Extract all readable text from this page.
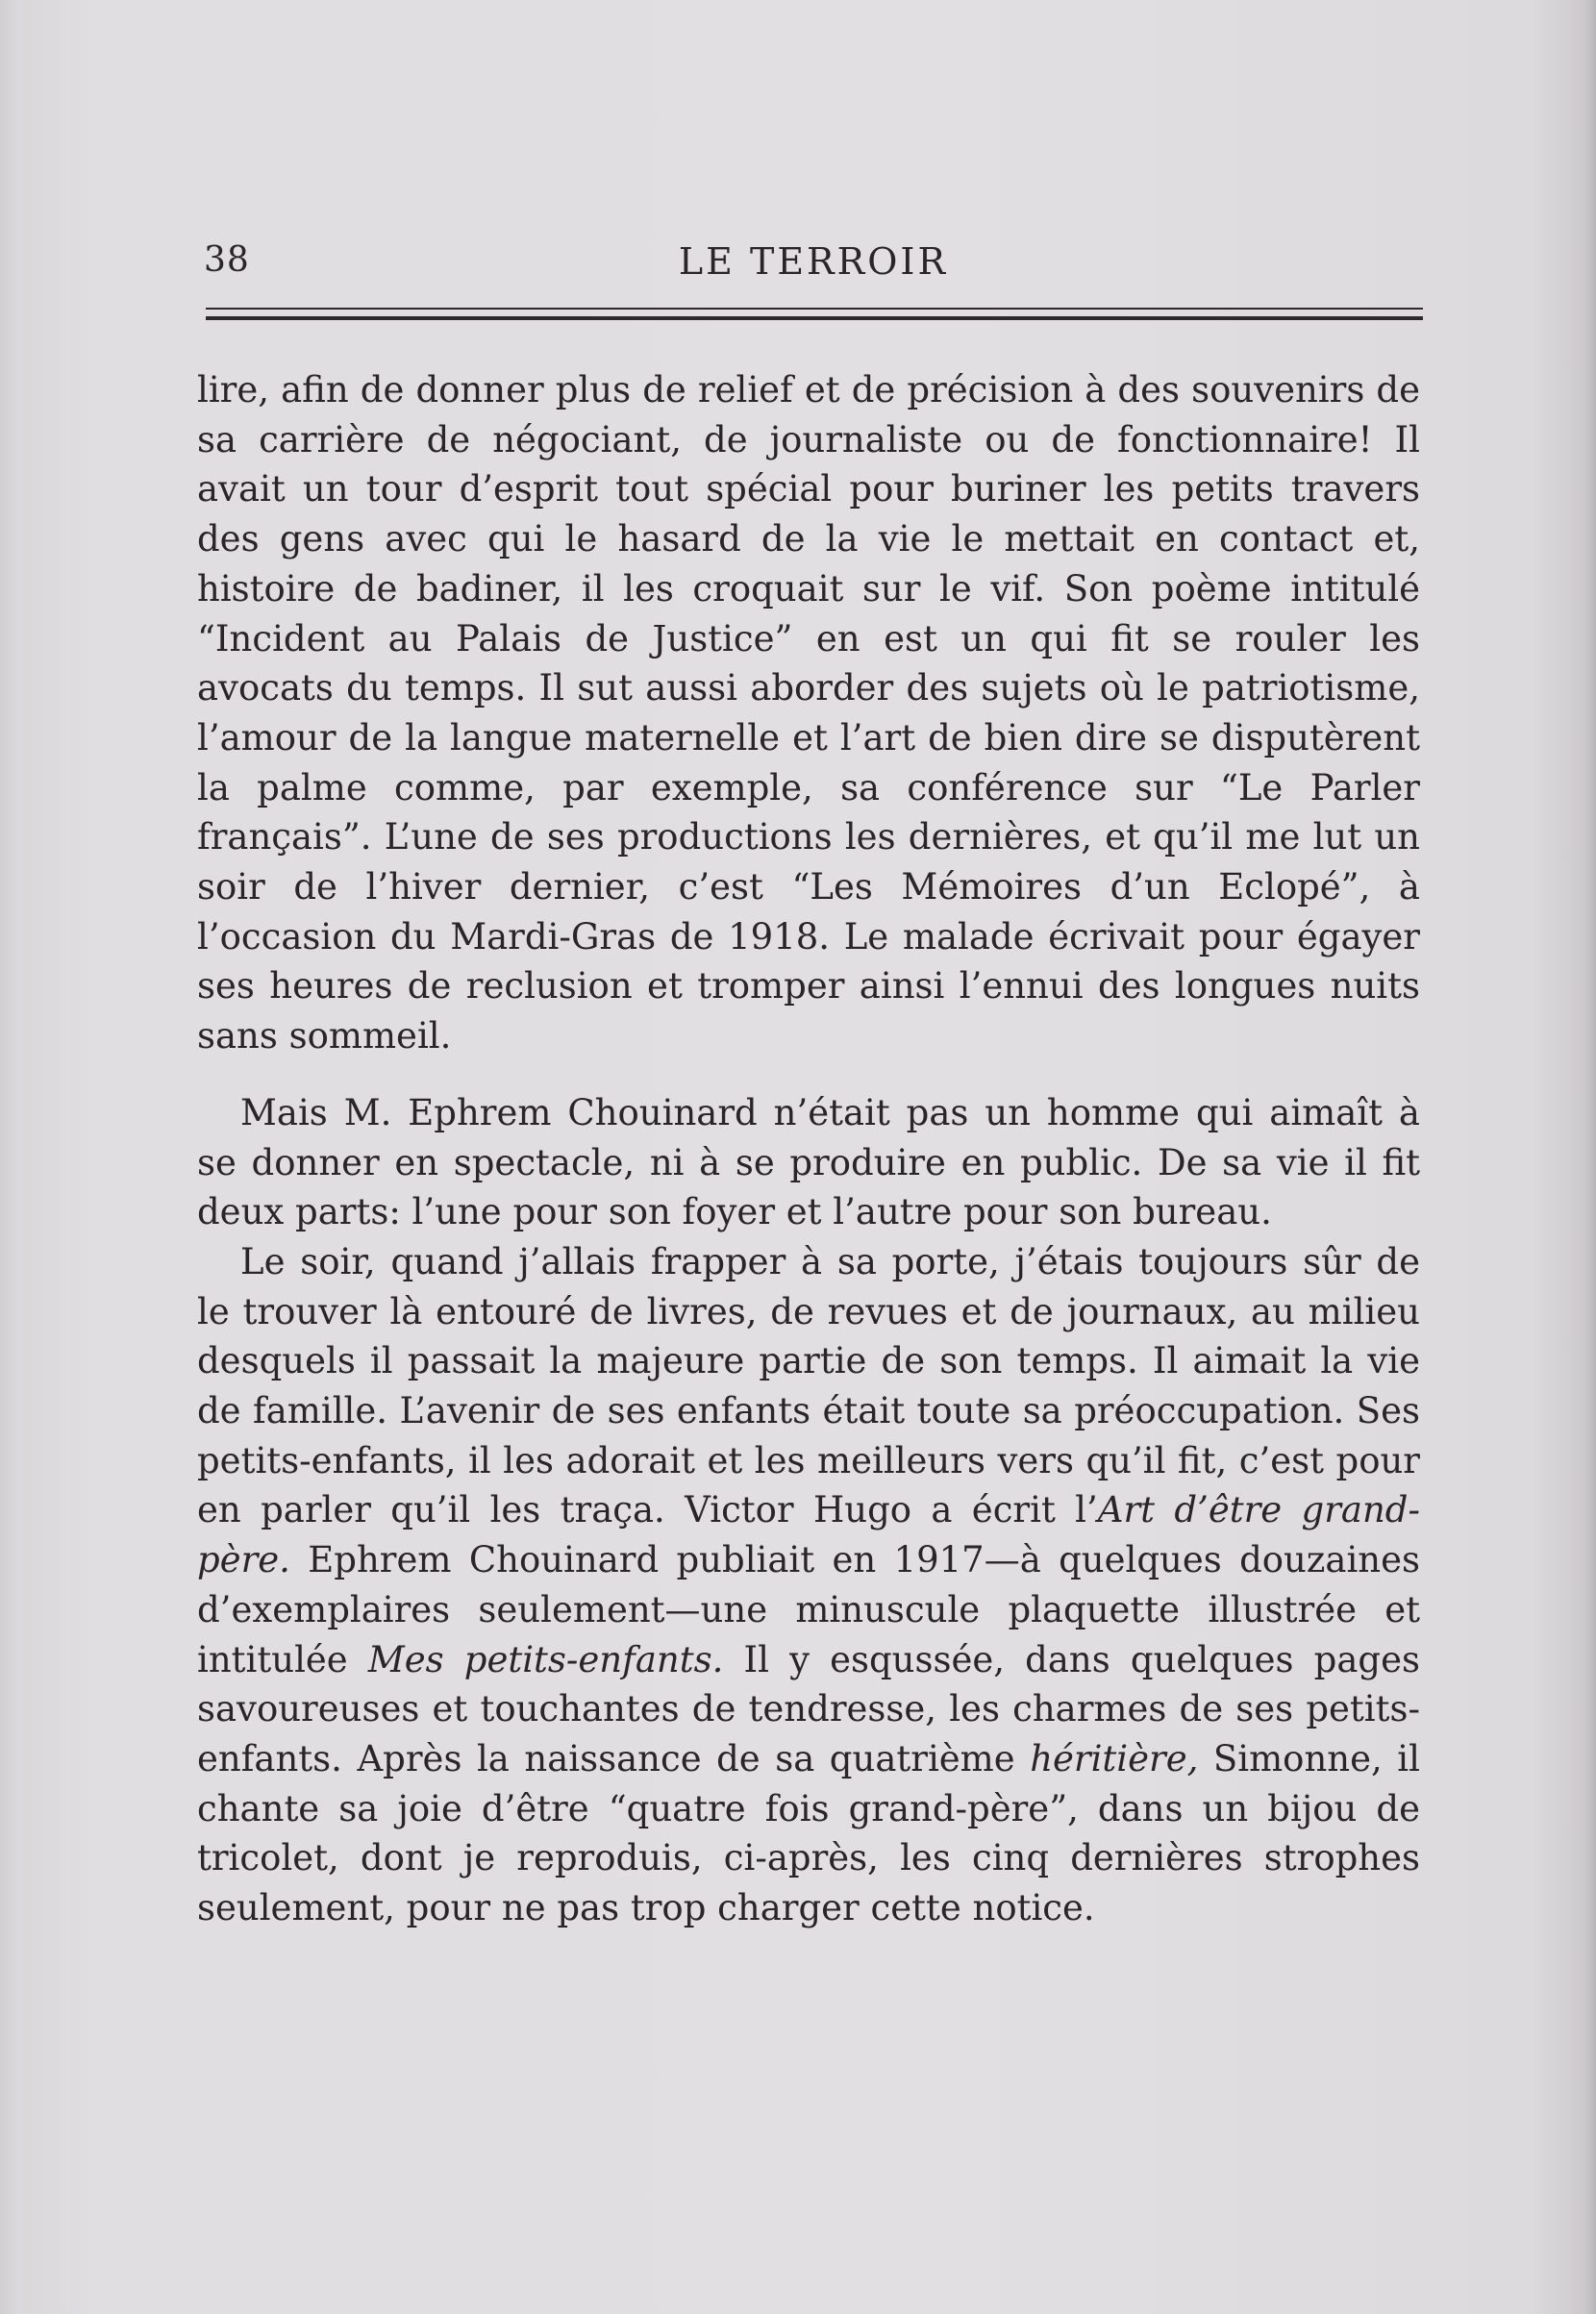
38	LE TERROIR

lire, afin de donner plus de relief et de précision à des souvenirs de sa carrière de négociant, de journaliste ou de fonctionnaire! Il avait un tour d’esprit tout spécial pour buriner les petits travers des gens avec qui le hasard de la vie le mettait en contact et, histoire de badiner, il les croquait sur le vif. Son poème intitulé “Incident au Palais de Justice” en est un qui fit se rouler les avocats du temps. Il sut aussi aborder des sujets où le patriotisme, l’amour de la langue maternelle et l’art de bien dire se disputèrent la palme comme, par exemple, sa conférence sur “Le Parler français”. L’une de ses productions les dernières, et qu’il me lut un soir de l’hiver dernier, c’est “Les Mémoires d’un Eclopé”, à l’occasion du Mardi-Gras de 1918. Le malade écrivait pour égayer ses heures de reclusion et tromper ainsi l’ennui des longues nuits sans sommeil.

Mais M. Ephrem Chouinard n’était pas un homme qui aimaît à se donner en spectacle, ni à se produire en public. De sa vie il fit deux parts: l’une pour son foyer et l’autre pour son bureau.

Le soir, quand j’allais frapper à sa porte, j’étais toujours sûr de le trouver là entouré de livres, de revues et de journaux, au milieu desquels il passait la majeure partie de son temps. Il aimait la vie de famille. L’avenir de ses enfants était toute sa préoccupation. Ses petits-enfants, il les adorait et les meilleurs vers qu’il fit, c’est pour en parler qu’il les traça. Victor Hugo a écrit l’Art d’être grand-père. Ephrem Chouinard publiait en 1917—à quelques douzaines d’exemplaires seulement—une minuscule plaquette illustrée et intitulée Mes petits-enfants. Il y esqussée, dans quelques pages savoureuses et touchantes de tendresse, les charmes de ses petits-enfants. Après la naissance de sa quatrième héritière, Simonne, il chante sa joie d’être “quatre fois grand-père”, dans un bijou de tricolet, dont je reproduis, ci-après, les cinq dernières strophes seulement, pour ne pas trop charger cette notice.
